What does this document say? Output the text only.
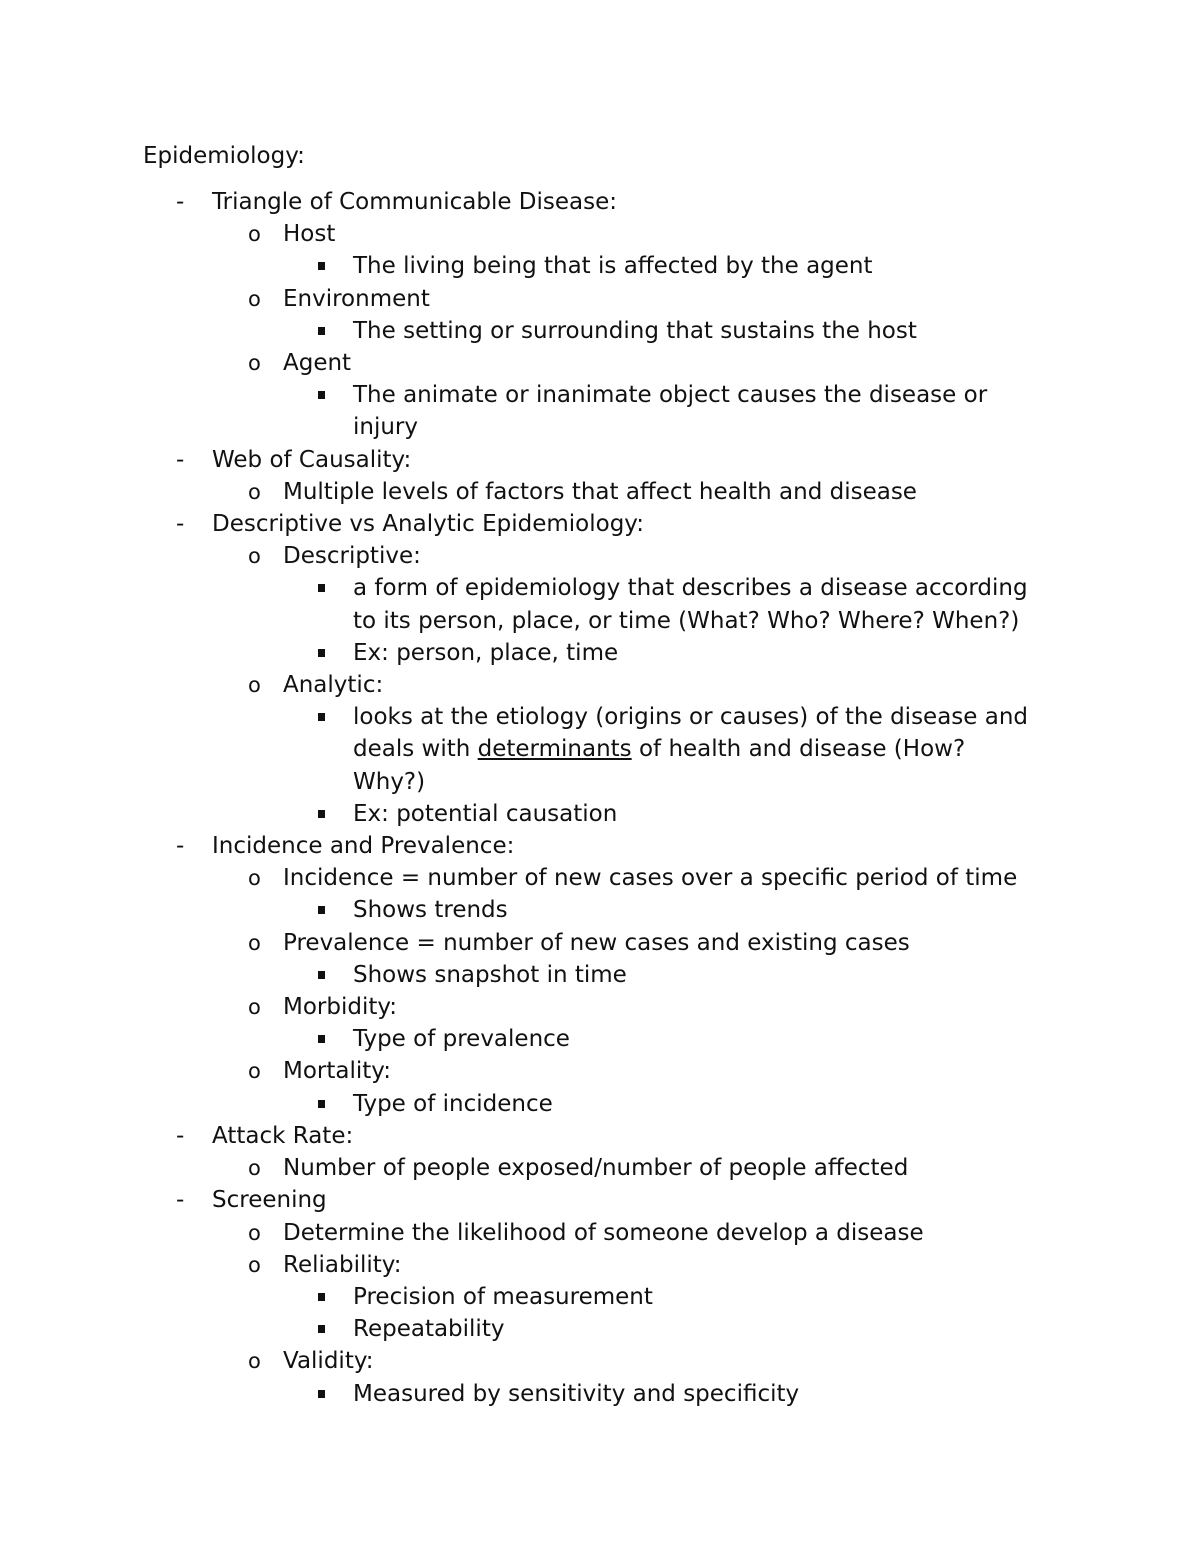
Epidemiology:
- Triangle of Communicable Disease:
o Host
The living being that is affected by the agent
o Environment
The setting or surrounding that sustains the host
o Agent
The animate or inanimate object causes the disease or
injury
- Web of Causality:
o Multiple levels of factors that affect health and disease
- Descriptive vs Analytic Epidemiology:
o Descriptive:
a form of epidemiology that describes a disease according
to its person, place, or time (What? Who? Where? When?)
Ex: person, place, time
o Analytic:
looks at the etiology (origins or causes) of the disease and
deals with determinants of health and disease (How?
Why?)
Ex: potential causation
- Incidence and Prevalence:
o Incidence = number of new cases over a specific period of time
Shows trends
o Prevalence = number of new cases and existing cases
Shows snapshot in time
o Morbidity:
Type of prevalence
o Mortality:
Type of incidence
- Attack Rate:
o Number of people exposed/number of people affected
- Screening
o Determine the likelihood of someone develop a disease
o Reliability:
Precision of measurement
Repeatability
o Validity:
Measured by sensitivity and specificity
